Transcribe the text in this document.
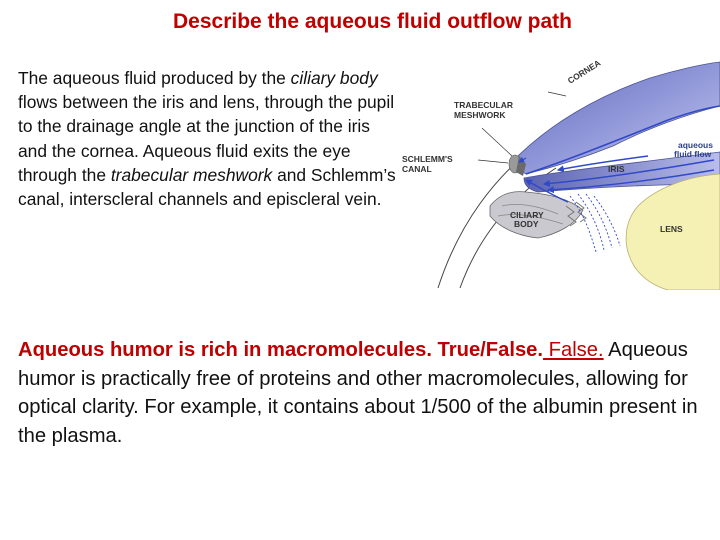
Describe the aqueous fluid outflow path
The aqueous fluid produced by the ciliary body flows between the iris and lens, through the pupil to the drainage angle at the junction of the iris and the cornea. Aqueous fluid exits the eye through the trabecular meshwork and Schlemm’s canal, interscleral channels and episcleral vein.
CORNEA
TRABECULAR
MESHWORK
SCHLEMM'S
CANAL	IRIS
aqueous
fluid flow
CILIARY
BODY	LENS
Aqueous humor is rich in macromolecules. True/False. False. Aqueous humor is practically free of proteins and other macromolecules, allowing for optical clarity. For example, it contains about 1/500 of the albumin present in the plasma.
